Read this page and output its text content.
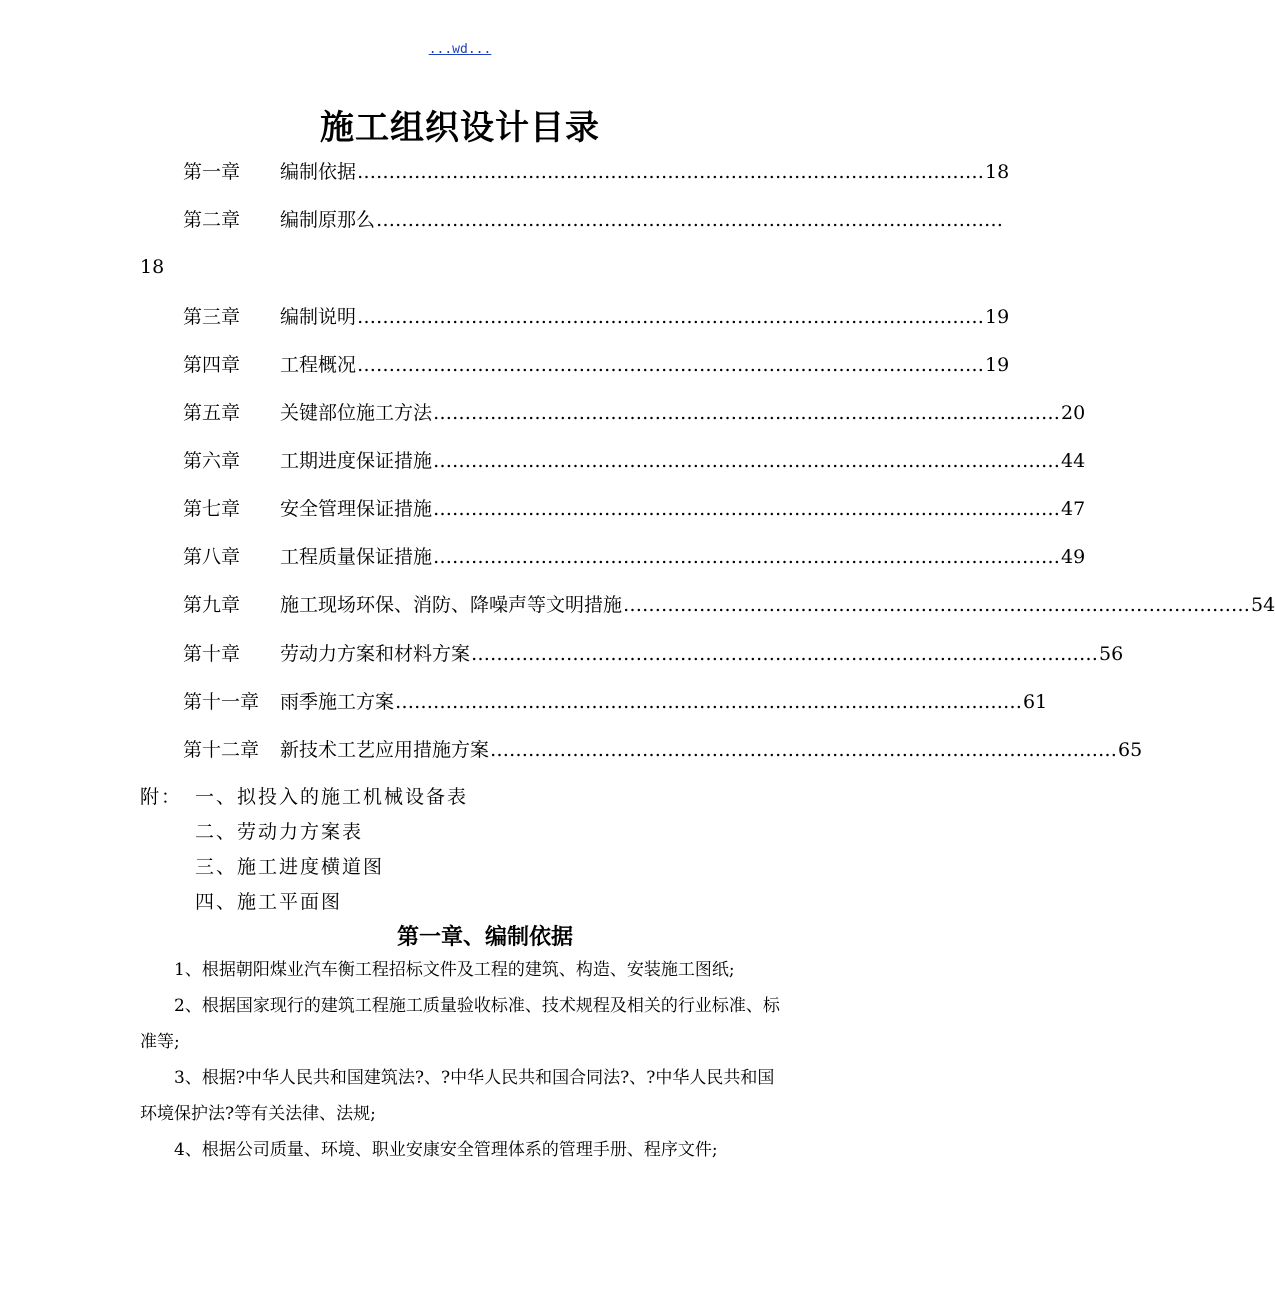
...wd...
施工组织设计目录
第一章	编制依据 ……………………………………………………………………………………… 18
第二章	编制原那么 ………………………………………………………………………………………
18
第三章	编制说明 ……………………………………………………………………………………… 19
第四章	工程概况 ……………………………………………………………………………………… 19
第五章	关键部位施工方法 ……………………………………………………………………………………… 20
第六章	工期进度保证措施 ……………………………………………………………………………………… 44
第七章	安全管理保证措施 ……………………………………………………………………………………… 47
第八章	工程质量保证措施 ……………………………………………………………………………………… 49
第九章	施工现场环保、消防、降噪声等文明措施 ……………………………………………………………………………………… 54
第十章	劳动力方案和材料方案 ……………………………………………………………………………………… 56
第十一章	雨季施工方案 ……………………………………………………………………………………… 61
第十二章	新技术工艺应用措施方案 ……………………………………………………………………………………… 65
附： 一、拟投入的施工机械设备表
二、劳动力方案表
三、施工进度横道图
四、施工平面图
第一章、编制依据
1、根据朝阳煤业汽车衡工程招标文件及工程的建筑、构造、安装施工图纸;
2、根据国家现行的建筑工程施工质量验收标准、技术规程及相关的行业标准、标准等;
3、根据?中华人民共和国建筑法?、?中华人民共和国合同法?、?中华人民共和国环境保护法?等有关法律、法规;
4、根据公司质量、环境、职业安康安全管理体系的管理手册、程序文件;
